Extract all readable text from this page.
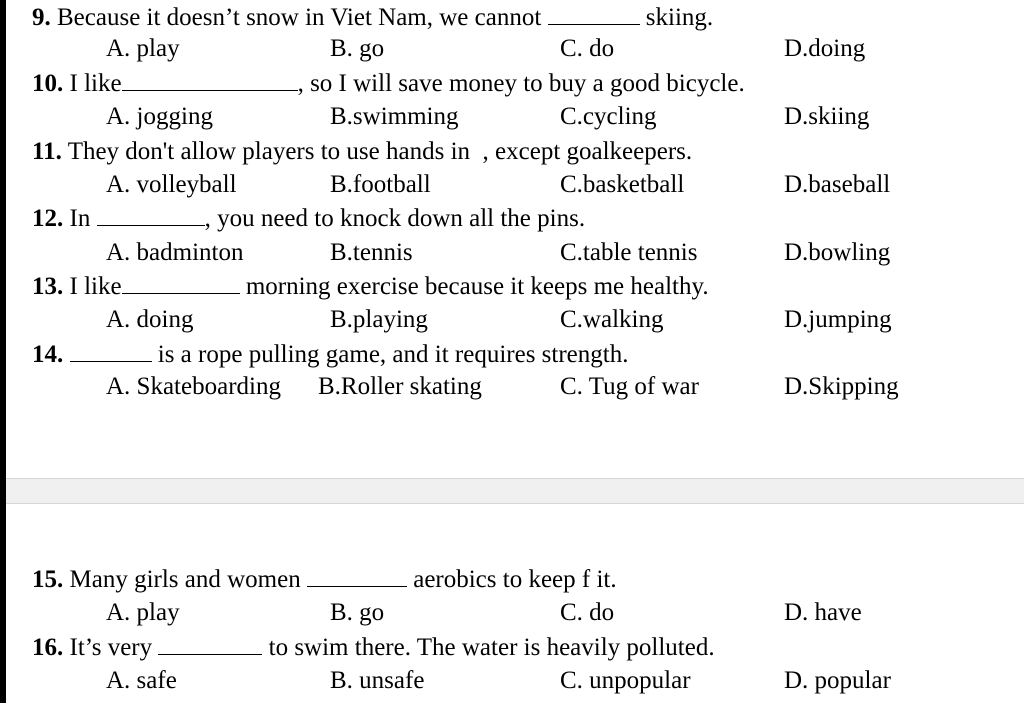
9. Because it doesn’t snow in Viet Nam, we cannot	skiing.
A. play	B. go	C. do	D.doing
10. I like	, so I will save money to buy a good bicycle.
A. jogging	B.swimming	C.cycling	D.skiing
11. They don't allow players to use hands in  , except goalkeepers.
A. volleyball	B.football	C.basketball	D.baseball
12. In	, you need to knock down all the pins.
A. badminton	B.tennis	C.table tennis	D.bowling
13. I like	morning exercise because it keeps me healthy.
A. doing	B.playing	C.walking	D.jumping
14.	is a rope pulling game, and it requires strength.
A. Skateboarding B.Roller skating	C. Tug of war	D.Skipping
15. Many girls and women	aerobics to keep f it.
A. play	B. go	C. do	D. have
16. It’s very	to swim there. The water is heavily polluted.
A. safe	B. unsafe	C. unpopular	D. popular
